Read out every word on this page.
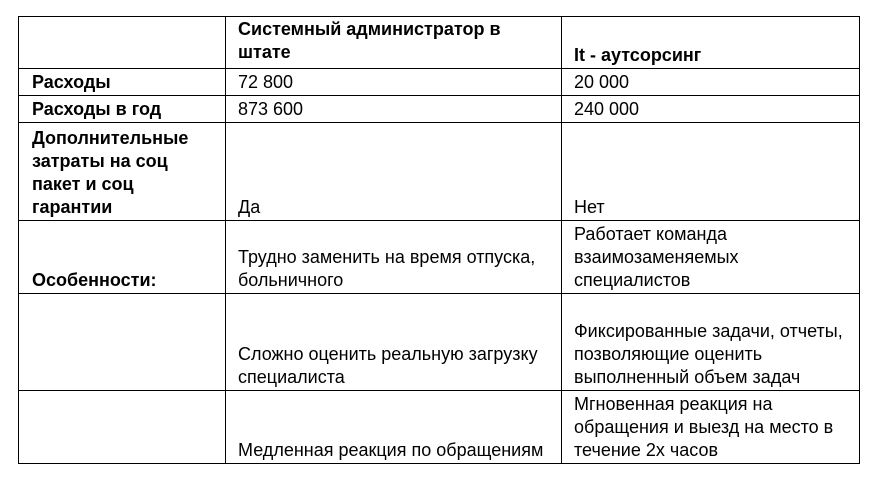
	Системный администратор в штате	It - аутсорсинг
Расходы	72 800	20 000
Расходы в год	873 600	240 000
Дополнительные затраты на соц пакет и соц гарантии	Да	Нет
Особенности:	Трудно заменить на время отпуска, больничного	Работает команда взаимозаменяемых специалистов
	Сложно оценить реальную загрузку специалиста	Фиксированные задачи, отчеты, позволяющие оценить выполненный объем задач
	Медленная реакция по обращениям	Мгновенная реакция на обращения и выезд на место в течение 2х часов
